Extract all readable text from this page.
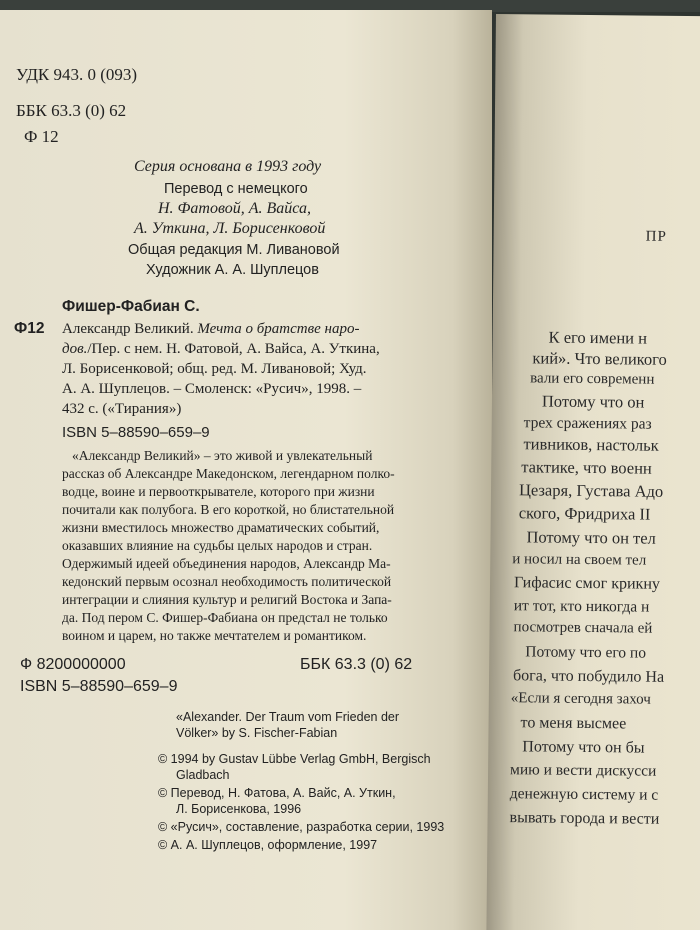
УДК 943. 0 (093)
ББК 63.3 (0) 62
Ф 12
Серия основана в 1993 году
Перевод с немецкого
Н. Фатовой, А. Вайса,
А. Уткина, Л. Борисенковой
Общая редакция М. Ливановой
Художник А. А. Шуплецов
Фишер-Фабиан С.
Ф12 Александр Великий. Мечта о братстве наро-
дов./Пер. с нем. Н. Фатовой, А. Вайса, А. Уткина,
Л. Борисенковой; общ. ред. М. Ливановой; Худ.
А. А. Шуплецов. – Смоленск: «Русич», 1998. –
432 с. («Тирания»)
ISBN 5–88590–659–9
«Александр Великий» – это живой и увлекательный
рассказ об Александре Македонском, легендарном полко-
водце, воине и первооткрывателе, которого при жизни
почитали как полубога. В его короткой, но блистательной
жизни вместилось множество драматических событий,
оказавших влияние на судьбы целых народов и стран.
Одержимый идеей объединения народов, Александр Ма-
кедонский первым осознал необходимость политической
интеграции и слияния культур и религий Востока и Запа-
да. Под пером С. Фишер-Фабиана он предстал не только
воином и царем, но также мечтателем и романтиком.
Ф 8200000000	ББК 63.3 (0) 62
ISBN 5–88590–659–9
«Alexander. Der Traum vom Frieden der
Völker» by S. Fischer-Fabian
© 1994 by Gustav Lübbe Verlag GmbH, Bergisch
Gladbach
© Перевод, Н. Фатова, А. Вайс, А. Уткин,
Л. Борисенкова, 1996
© «Русич», составление, разработка серии, 1993
© А. А. Шуплецов, оформление, 1997
ПР
К его имени н
кий». Что великого
вали его современн
Потому что он
трех сражениях раз
тивников, настольк
тактике, что военн
Цезаря, Густава Адо
ского, Фридриха II
Потому что он тел
и носил на своем тел
Гифасис смог крикну
ит тот, кто никогда н
посмотрев сначала ей
Потому что его по
бога, что побудило На
«Если я сегодня захоч
то меня высмее
Потому что он бы
мию и вести дискусси
денежную систему и с
вывать города и вести
